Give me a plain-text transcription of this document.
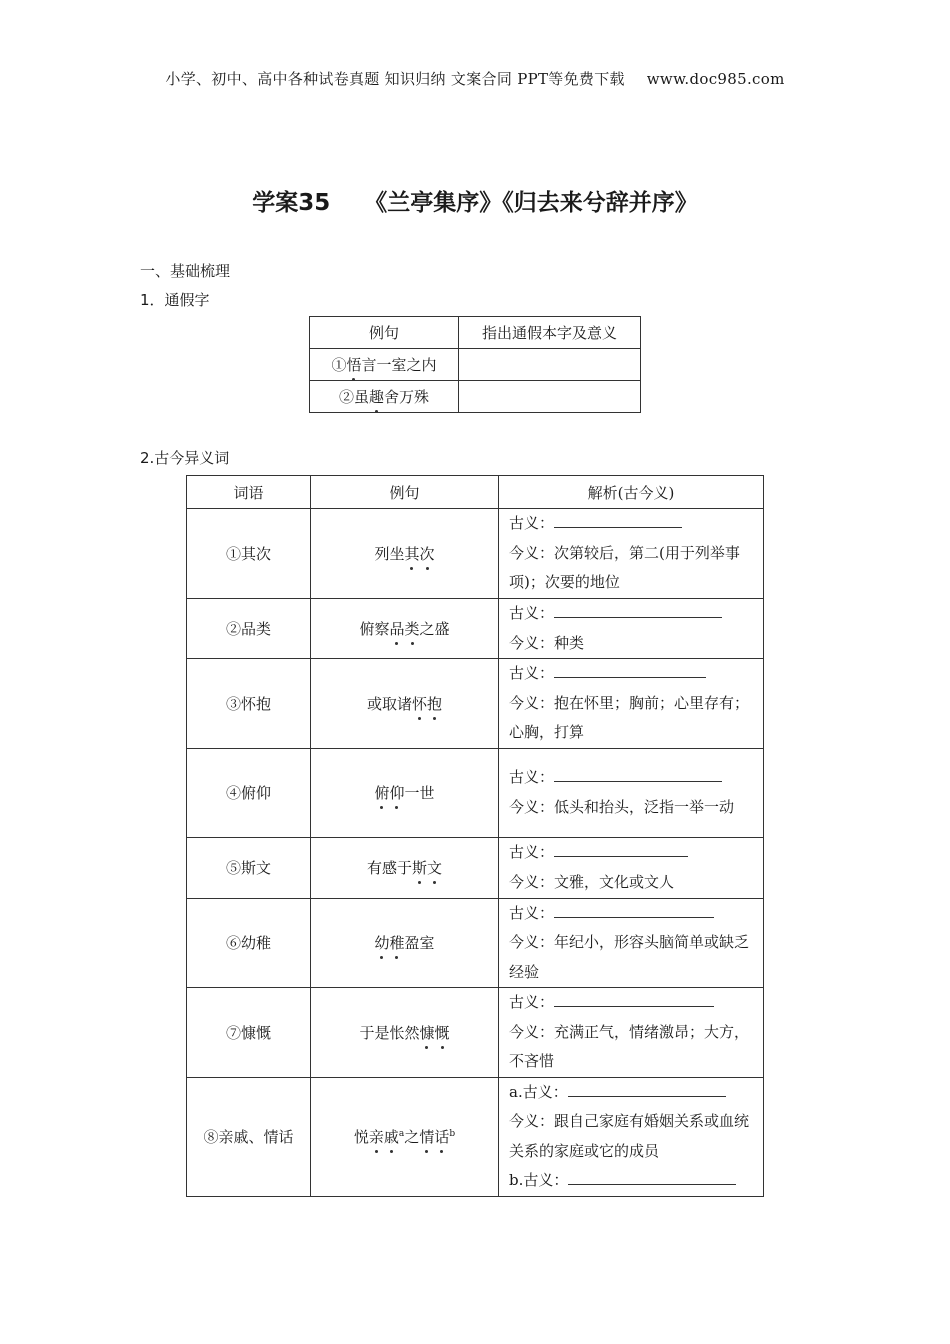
小学、初中、高中各种试卷真题 知识归纳 文案合同 PPT等免费下载 www.doc985.com
学案35 《兰亭集序》《归去来兮辞并序》
一、基础梳理
1．通假字
例句	指出通假本字及意义
①悟言一室之内	
②虽趣舍万殊	
2.古今异义词
词语	例句	解析(古今义)
①其次	列坐其次	古义：
今义：次第较后，第二(用于列举事项)；次要的地位

②品类	俯察品类之盛	古义：
今义：种类

③怀抱	或取诸怀抱	古义：
今义：抱在怀里；胸前；心里存有；心胸，打算

④俯仰	俯仰一世	古义：
今义：低头和抬头，泛指一举一动

⑤斯文	有感于斯文	古义：
今义：文雅，文化或文人

⑥幼稚	幼稚盈室	古义：
今义：年纪小，形容头脑简单或缺乏经验

⑦慷慨	于是怅然慷慨	古义：
今义：充满正气，情绪激昂；大方，不吝惜

⑧亲戚、情话	悦亲戚$^a$之情话$^b$	a.古义：
今义：跟自己家庭有婚姻关系或血统关系的家庭或它的成员
b.古义：
